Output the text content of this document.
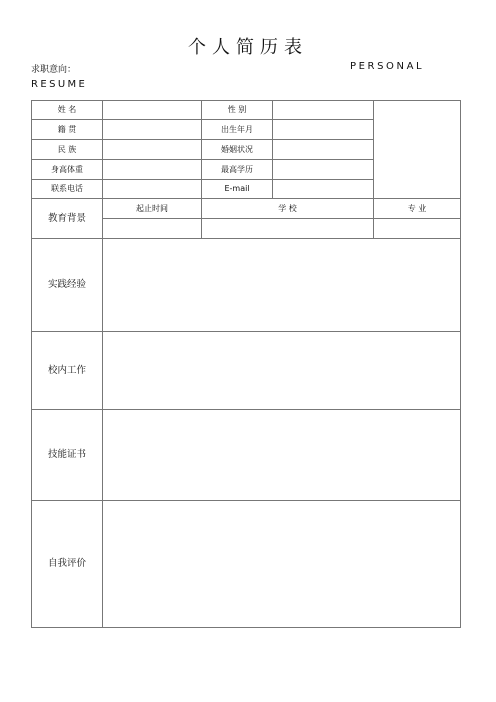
个人简历表
求职意向：	PERSONAL
RESUME
姓 名	性 别
籍 贯	出生年月
民 族	婚姻状况
身高体重	最高学历
联系电话	E-mail
教育背景
起止时间	学 校	专 业
实践经验
校内工作
技能证书
自我评价
